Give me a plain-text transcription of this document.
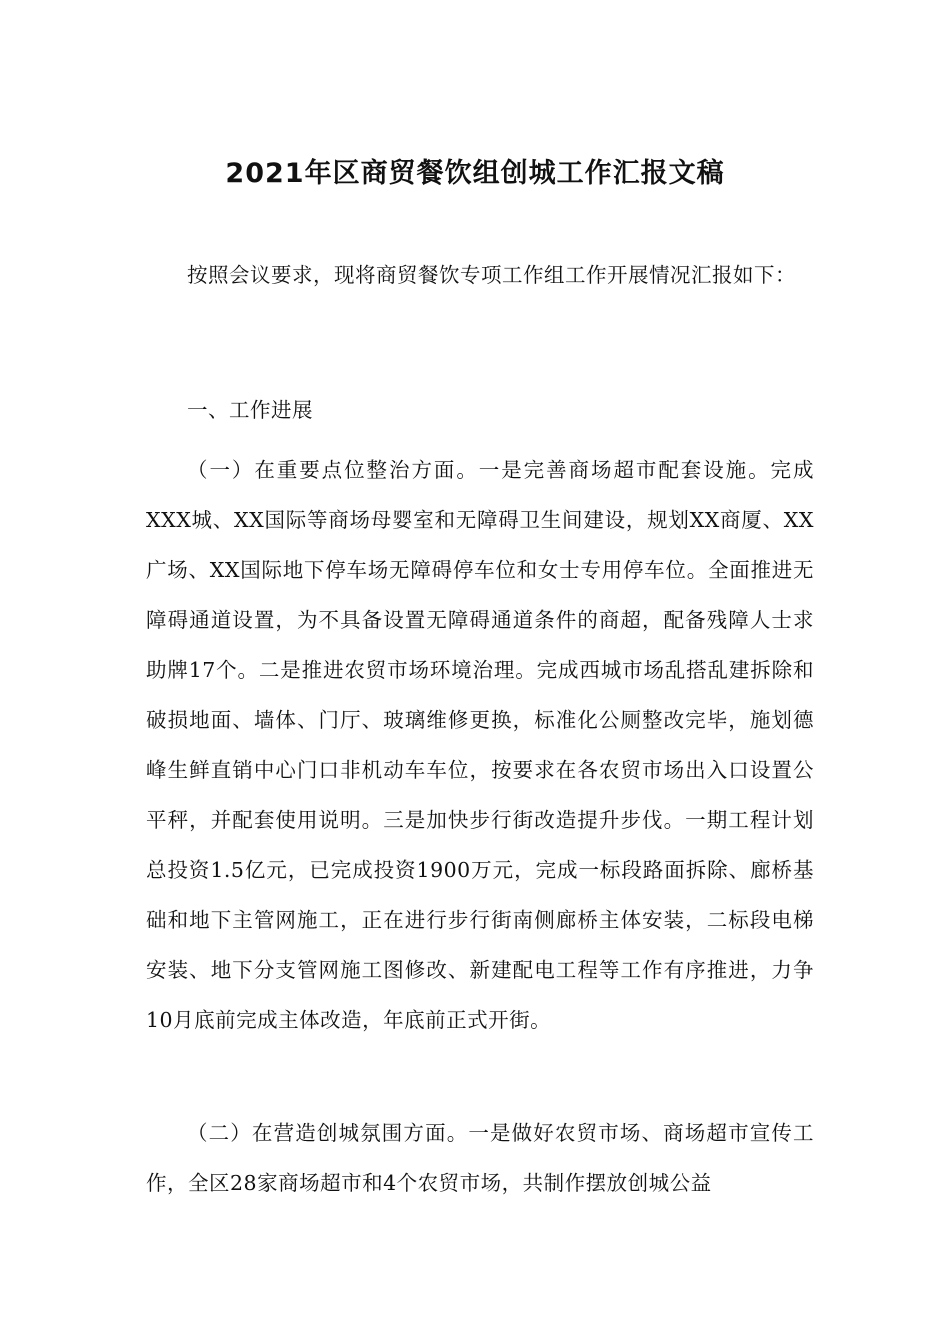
2021年区商贸餐饮组创城工作汇报文稿

按照会议要求，现将商贸餐饮专项工作组工作开展情况汇报如下：

一、工作进展

（一）在重要点位整治方面。一是完善商场超市配套设施。完成XXX城、XX国际等商场母婴室和无障碍卫生间建设，规划XX商厦、XX广场、XX国际地下停车场无障碍停车位和女士专用停车位。全面推进无障碍通道设置，为不具备设置无障碍通道条件的商超，配备残障人士求助牌17个。二是推进农贸市场环境治理。完成西城市场乱搭乱建拆除和破损地面、墙体、门厅、玻璃维修更换，标准化公厕整改完毕，施划德峰生鲜直销中心门口非机动车车位，按要求在各农贸市场出入口设置公平秤，并配套使用说明。三是加快步行街改造提升步伐。一期工程计划总投资1.5亿元，已完成投资1900万元，完成一标段路面拆除、廊桥基础和地下主管网施工，正在进行步行街南侧廊桥主体安装，二标段电梯安装、地下分支管网施工图修改、新建配电工程等工作有序推进，力争10月底前完成主体改造，年底前正式开街。

（二）在营造创城氛围方面。一是做好农贸市场、商场超市宣传工作，全区28家商场超市和4个农贸市场，共制作摆放创城公益
